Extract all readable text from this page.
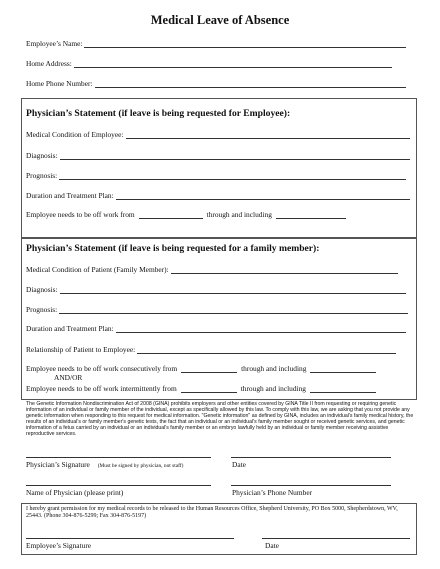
Medical Leave of Absence
Employee’s Name:
Home Address:
Home Phone Number:
Physician’s Statement (if leave is being requested for Employee):
Medical Condition of Employee:
Diagnosis:
Prognosis:
Duration and Treatment Plan:
Employee needs to be off work from	through and including
Physician’s Statement (if leave is being requested for a family member):
Medical Condition of Patient (Family Member):
Diagnosis:
Prognosis:
Duration and Treatment Plan:
Relationship of Patient to Employee:
Employee needs to be off work consecutively from	through and including
AND/OR
Employee needs to be off work intermittently from	through and including
The Genetic Information Nondiscrimination Act of 2008 (GINA) prohibits employers and other entities covered by GINA Title II from requesting or requiring genetic information of an individual or family member of the individual, except as specifically allowed by this law. To comply with this law, we are asking that you not provide any genetic information when responding to this request for medical information. "Genetic information" as defined by GINA, includes an individual's family medical history, the results of an individual's or family member's genetic tests, the fact that an individual or an individual's family member sought or received genetic services, and genetic information of a fetus carried by an individual or an individual's family member or an embryo lawfully held by an individual or family member receiving assistive reproductive services.
Physician’s Signature (Must be signed by physician, not staff)	Date
Name of Physician (please print)	Physician’s Phone Number
I hereby grant permission for my medical records to be released to the Human Resources Office, Shepherd University, PO Box 5000, Shepherdstown, WV, 25443. (Phone 304-876-5299; Fax 304-876-5197)
Employee’s Signature	Date
